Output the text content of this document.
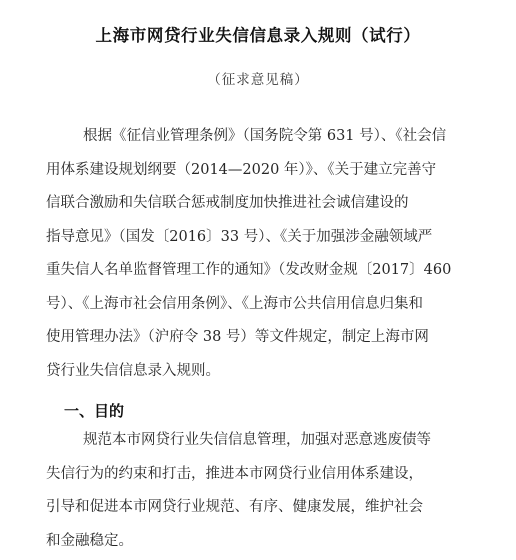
上海市网贷行业失信信息录入规则（试行）
（征求意见稿）
根据《征信业管理条例》（国务院令第 631 号）、《社会信
用体系建设规划纲要（2014—2020 年）》、《关于建立完善守
信联合激励和失信联合惩戒制度加快推进社会诚信建设的
指导意见》（国发〔2016〕33 号）、《关于加强涉金融领域严
重失信人名单监督管理工作的通知》（发改财金规〔2017〕460
号）、《上海市社会信用条例》、《上海市公共信用信息归集和
使用管理办法》（沪府令 38 号）等文件规定，制定上海市网
贷行业失信信息录入规则。
一、目的
规范本市网贷行业失信信息管理，加强对恶意逃废债等
失信行为的约束和打击，推进本市网贷行业信用体系建设，
引导和促进本市网贷行业规范、有序、健康发展，维护社会
和金融稳定。
